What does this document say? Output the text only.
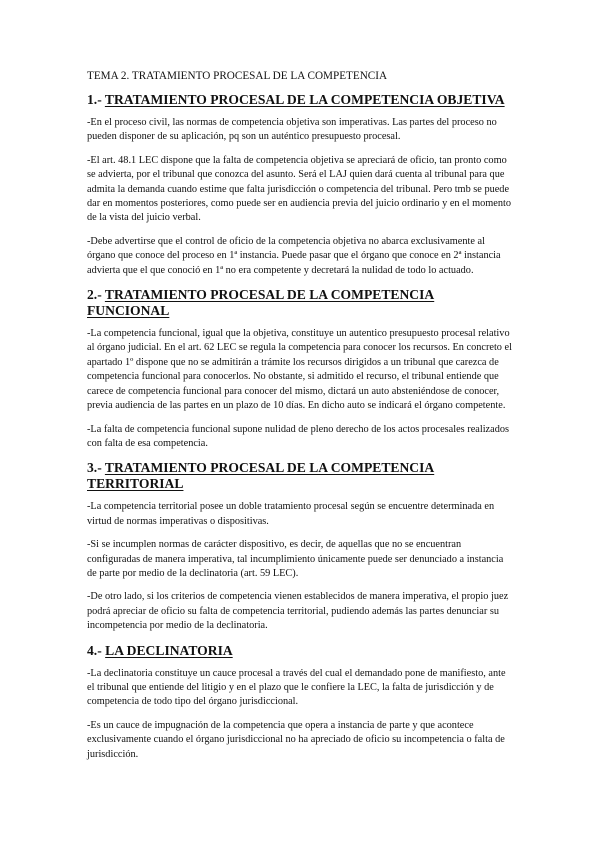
TEMA 2. TRATAMIENTO PROCESAL DE LA COMPETENCIA
1.- TRATAMIENTO PROCESAL DE LA COMPETENCIA OBJETIVA

-En el proceso civil, las normas de competencia objetiva son imperativas. Las partes del proceso no pueden disponer de su aplicación, pq son un auténtico presupuesto procesal.

-El art. 48.1 LEC dispone que la falta de competencia objetiva se apreciará de oficio, tan pronto como se advierta, por el tribunal que conozca del asunto. Será el LAJ quien dará cuenta al tribunal para que admita la demanda cuando estime que falta jurisdicción o competencia del tribunal. Pero tmb se puede dar en momentos posteriores, como puede ser en audiencia previa del juicio ordinario y en el momento de la vista del juicio verbal.

-Debe advertirse que el control de oficio de la competencia objetiva no abarca exclusivamente al órgano que conoce del proceso en 1ª instancia. Puede pasar que el órgano que conoce en 2ª instancia advierta que el que conoció en 1ª no era competente y decretará la nulidad de todo lo actuado.

2.- TRATAMIENTO PROCESAL DE LA COMPETENCIA FUNCIONAL

-La competencia funcional, igual que la objetiva, constituye un autentico presupuesto procesal relativo al órgano judicial. En el art. 62 LEC se regula la competencia para conocer los recursos. En concreto el apartado 1º dispone que no se admitirán a trámite los recursos dirigidos a un tribunal que carezca de competencia funcional para conocerlos. No obstante, si admitido el recurso, el tribunal entiende que carece de competencia funcional para conocer del mismo, dictará un auto absteniéndose de conocer, previa audiencia de las partes en un plazo de 10 días. En dicho auto se indicará el órgano competente.

-La falta de competencia funcional supone nulidad de pleno derecho de los actos procesales realizados con falta de esa competencia.

3.- TRATAMIENTO PROCESAL DE LA COMPETENCIA TERRITORIAL

-La competencia territorial posee un doble tratamiento procesal según se encuentre determinada en virtud de normas imperativas o dispositivas.

-Si se incumplen normas de carácter dispositivo, es decir, de aquellas que no se encuentran configuradas de manera imperativa, tal incumplimiento únicamente puede ser denunciado a instancia de parte por medio de la declinatoria (art. 59 LEC).

-De otro lado, si los criterios de competencia vienen establecidos de manera imperativa, el propio juez podrá apreciar de oficio su falta de competencia territorial, pudiendo además las partes denunciar su incompetencia por medio de la declinatoria.

4.- LA DECLINATORIA

-La declinatoria constituye un cauce procesal a través del cual el demandado pone de manifiesto, ante el tribunal que entiende del litigio y en el plazo que le confiere la LEC, la falta de jurisdicción y de competencia de todo tipo del órgano jurisdiccional.

-Es un cauce de impugnación de la competencia que opera a instancia de parte y que acontece exclusivamente cuando el órgano jurisdiccional no ha apreciado de oficio su incompetencia o falta de jurisdicción.
